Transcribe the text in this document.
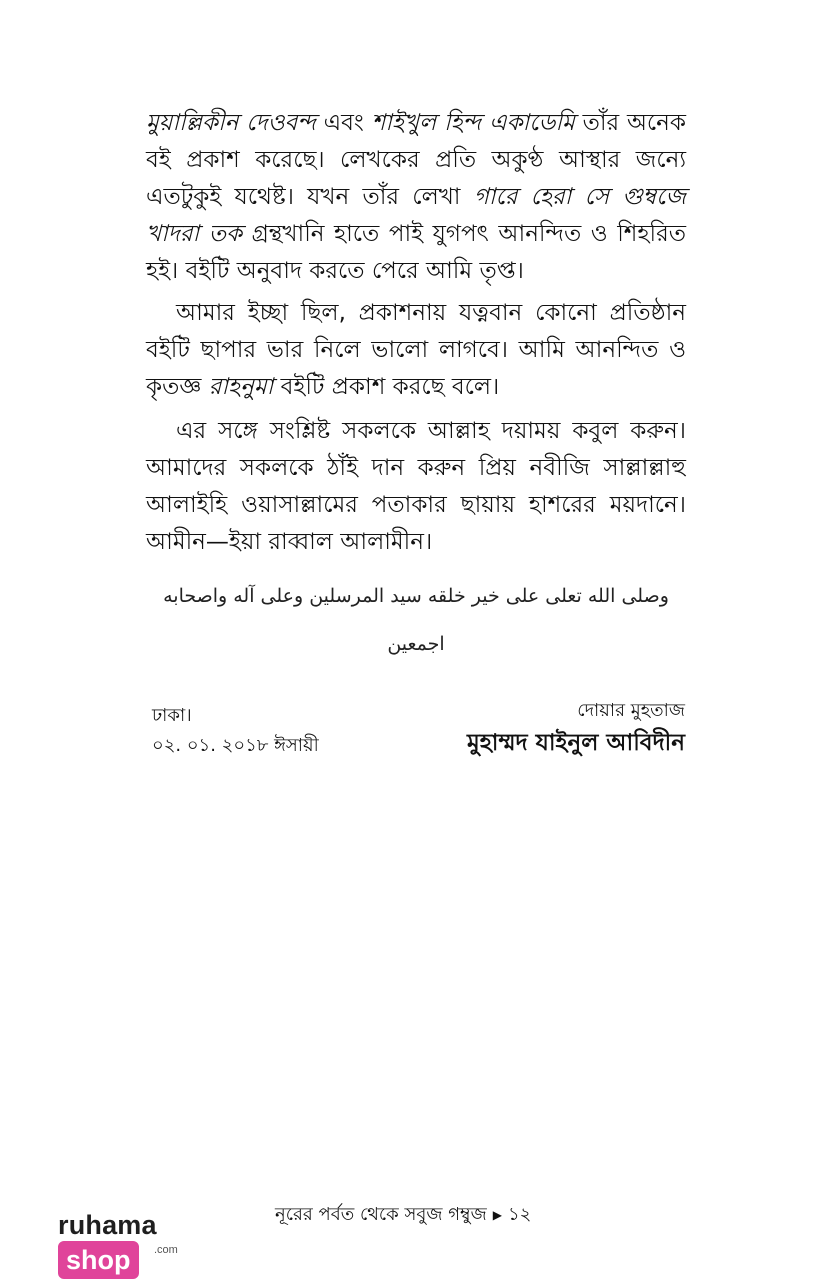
মুয়াল্লিকীন দেওবন্দ এবং শাইখুল হিন্দ একাডেমি তাঁর অনেক বই প্রকাশ করেছে। লেখকের প্রতি অকুণ্ঠ আস্থার জন্যে এতটুকুই যথেষ্ট। যখন তাঁর লেখা গারে হেরা সে গুম্বজে খাদরা তক গ্রন্থখানি হাতে পাই যুগপৎ আনন্দিত ও শিহরিত হই। বইটি অনুবাদ করতে পেরে আমি তৃপ্ত।

আমার ইচ্ছা ছিল, প্রকাশনায় যত্নবান কোনো প্রতিষ্ঠান বইটি ছাপার ভার নিলে ভালো লাগবে। আমি আনন্দিত ও কৃতজ্ঞ রাহনুমা বইটি প্রকাশ করছে বলে।

এর সঙ্গে সংশ্লিষ্ট সকলকে আল্লাহ দয়াময় কবুল করুন। আমাদের সকলকে ঠাঁই দান করুন প্রিয় নবীজি সাল্লাল্লাহু আলাইহি ওয়াসাল্লামের পতাকার ছায়ায় হাশরের ময়দানে। আমীন—ইয়া রাব্বাল আলামীন।

وصلى الله تعلى على خير خلقه سيد المرسلين وعلى آله واصحابه اجمعين
ঢাকা।
০২. ০১. ২০১৮ ঈসায়ী
দোয়ার মুহতাজ
মুহাম্মদ যাইনুল আবিদীন
নূরের পর্বত থেকে সবুজ গম্বুজ ▶ ১২
ruhamashop .com
